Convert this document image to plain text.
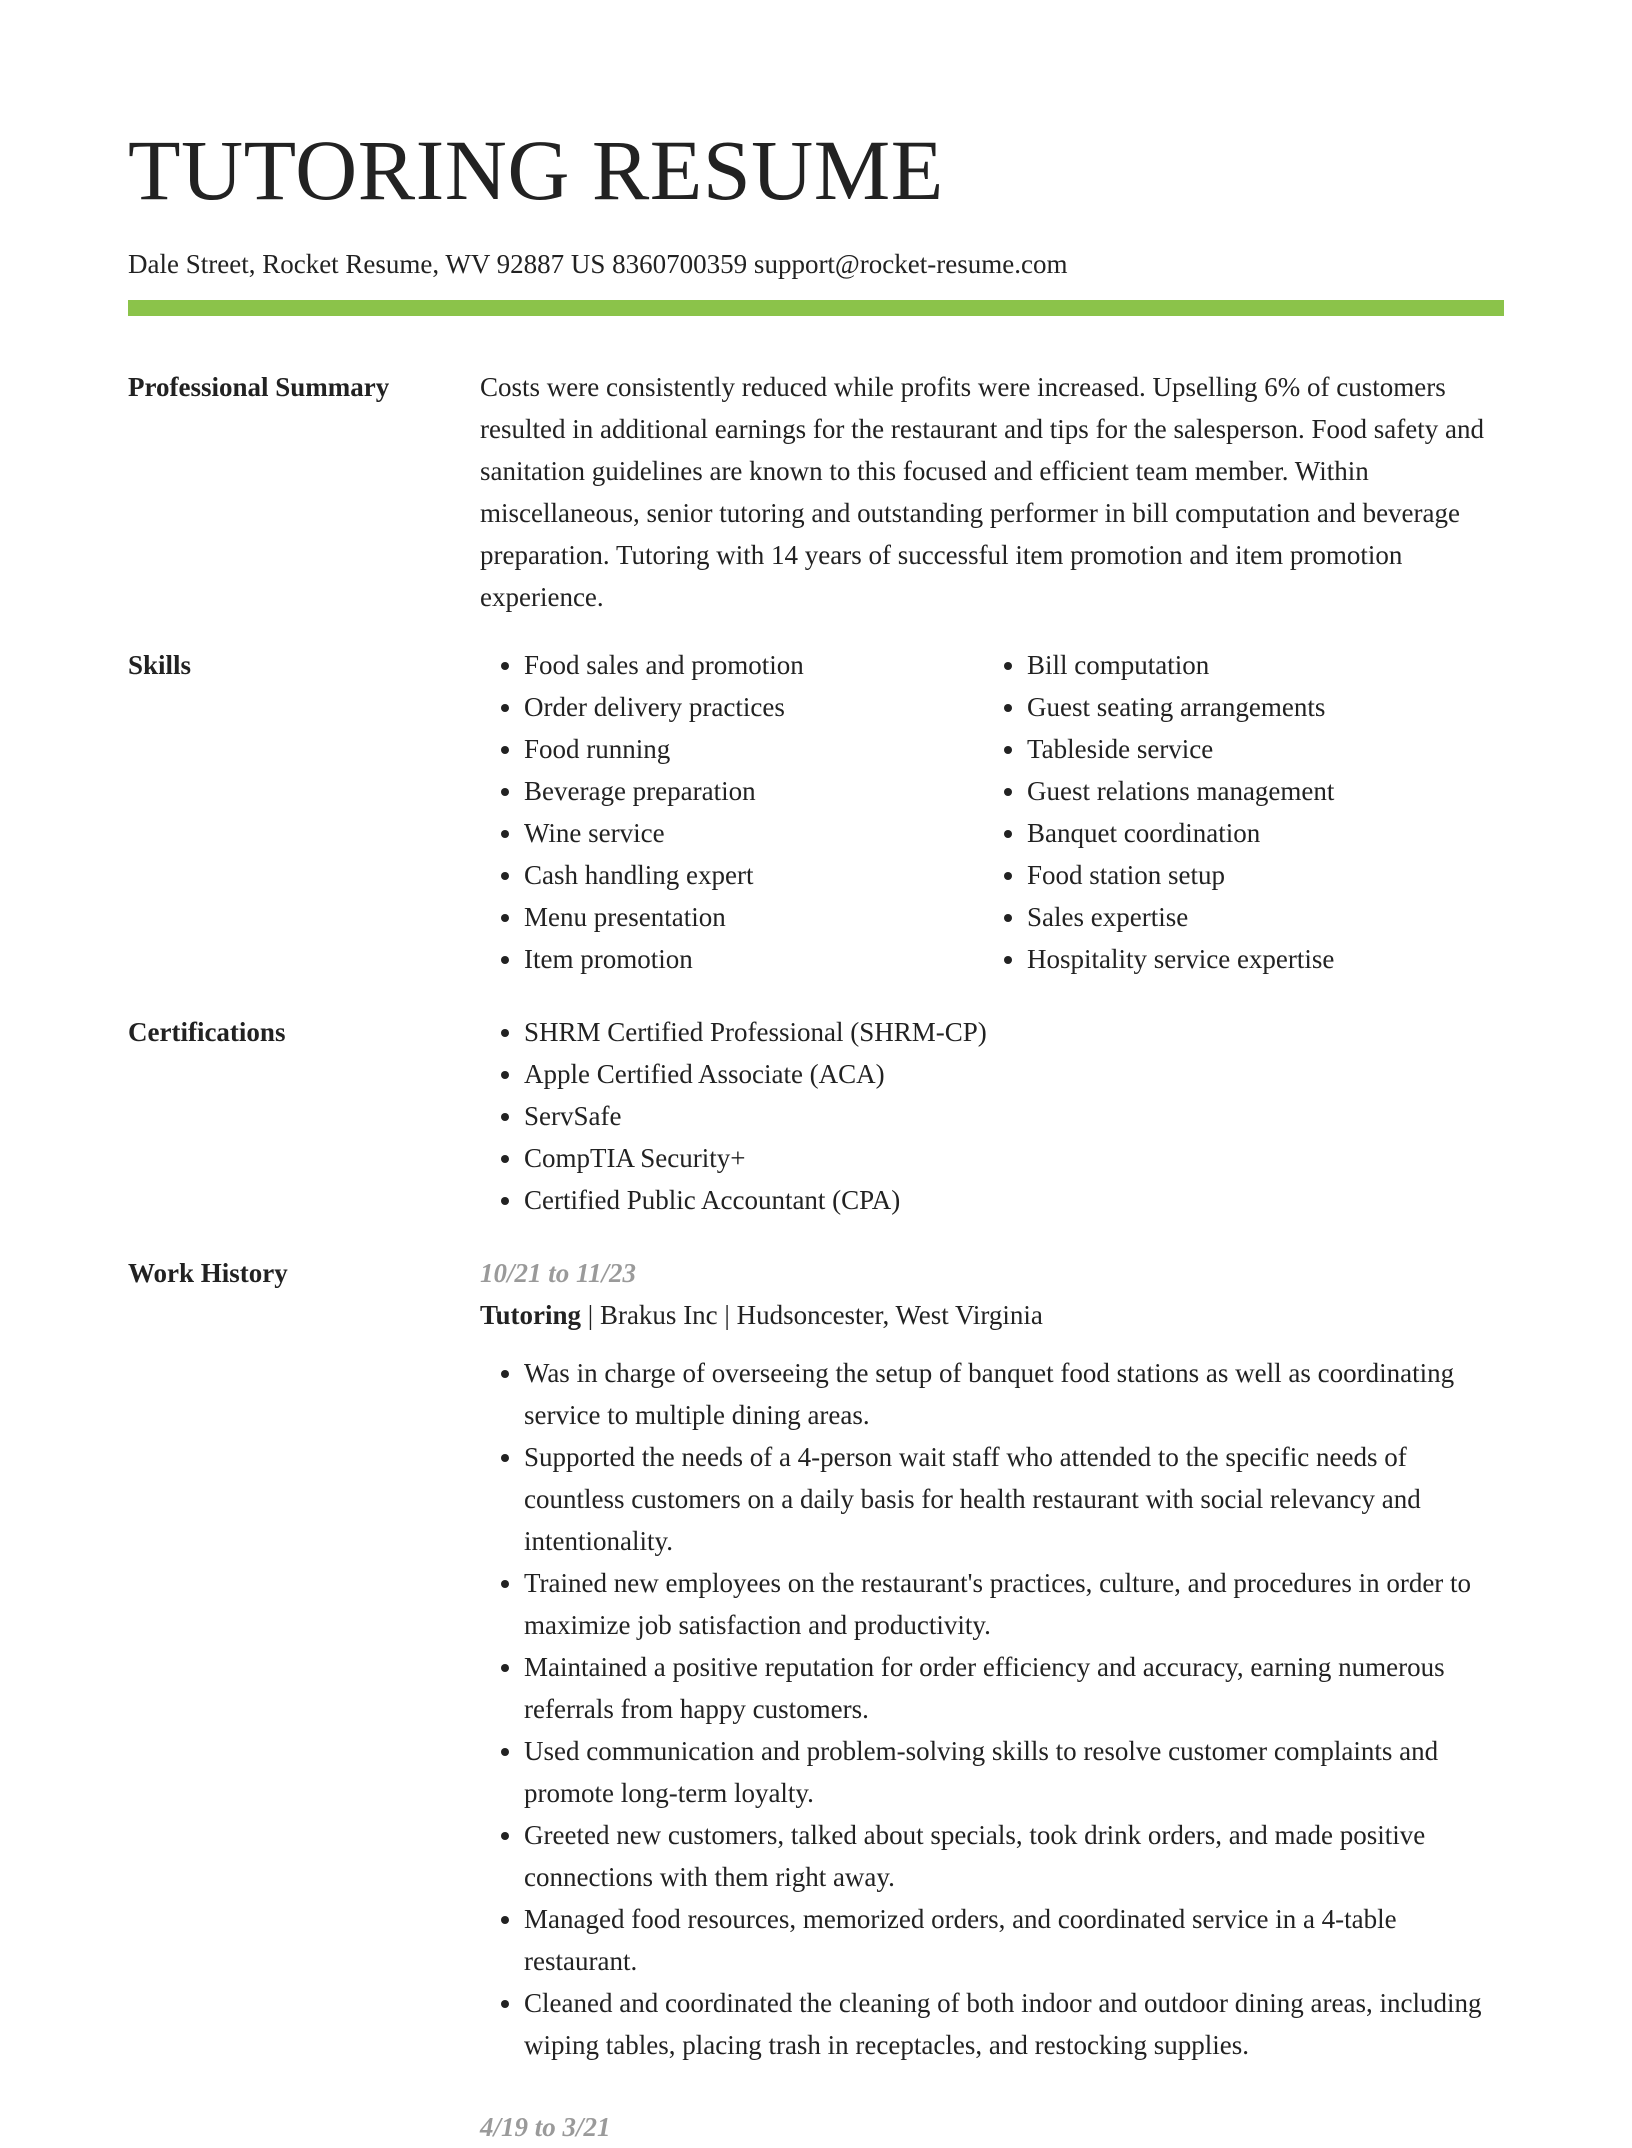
TUTORING RESUME
Dale Street, Rocket Resume, WV 92887 US 8360700359 support@rocket-resume.com
Professional Summary	Costs were consistently reduced while profits were increased. Upselling 6% of customers resulted in additional earnings for the restaurant and tips for the salesperson. Food safety and sanitation guidelines are known to this focused and efficient team member. Within miscellaneous, senior tutoring and outstanding performer in bill computation and beverage preparation. Tutoring with 14 years of successful item promotion and item promotion experience.

Skills	• Food sales and promotion
• Order delivery practices
• Food running
• Beverage preparation
• Wine service
• Cash handling expert
• Menu presentation
• Item promotion
• Bill computation
• Guest seating arrangements
• Tableside service
• Guest relations management
• Banquet coordination
• Food station setup
• Sales expertise
• Hospitality service expertise
Certifications	• SHRM Certified Professional (SHRM-CP)
• Apple Certified Associate (ACA)
• ServSafe
• CompTIA Security+
• Certified Public Accountant (CPA)
Work History	10/21 to 11/23
Tutoring | Brakus Inc | Hudsoncester, West Virginia
• Was in charge of overseeing the setup of banquet food stations as well as coordinating service to multiple dining areas.
• Supported the needs of a 4-person wait staff who attended to the specific needs of countless customers on a daily basis for health restaurant with social relevancy and intentionality.
• Trained new employees on the restaurant's practices, culture, and procedures in order to maximize job satisfaction and productivity.
• Maintained a positive reputation for order efficiency and accuracy, earning numerous referrals from happy customers.
• Used communication and problem-solving skills to resolve customer complaints and promote long-term loyalty.
• Greeted new customers, talked about specials, took drink orders, and made positive connections with them right away.
• Managed food resources, memorized orders, and coordinated service in a 4-table restaurant.
• Cleaned and coordinated the cleaning of both indoor and outdoor dining areas, including wiping tables, placing trash in receptacles, and restocking supplies.
4/19 to 3/21
